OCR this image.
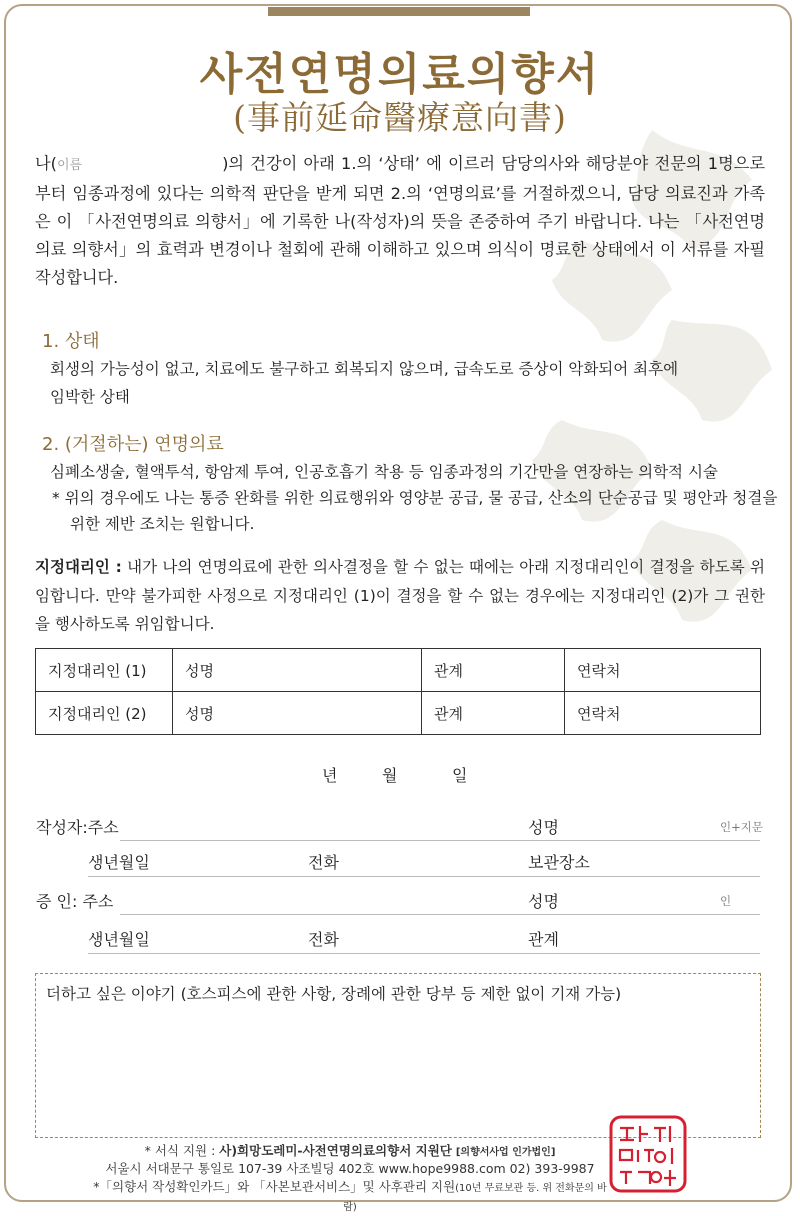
사전연명의료의향서
(事前延命醫療意向書)
나(이름	)의 건강이 아래 1.의 ‘상태’ 에 이르러 담당의사와 해당분야 전문의 1명으로부터 임종과정에 있다는 의학적 판단을 받게 되면 2.의 ‘연명의료’를 거절하겠으니, 담당 의료진과 가족은 이 「사전연명의료 의향서」에 기록한 나(작성자)의 뜻을 존중하여 주기 바랍니다. 나는 「사전연명의료 의향서」의 효력과 변경이나 철회에 관해 이해하고 있으며 의식이 명료한 상태에서 이 서류를 자필 작성합니다.
1. 상태
회생의 가능성이 없고, 치료에도 불구하고 회복되지 않으며, 급속도로 증상이 악화되어 최후에
임박한 상태
2. (거절하는) 연명의료
심폐소생술, 혈액투석, 항암제 투여, 인공호흡기 착용 등 임종과정의 기간만을 연장하는 의학적 시술
* 위의 경우에도 나는 통증 완화를 위한 의료행위와 영양분 공급, 물 공급, 산소의 단순공급 및 평안과 청결을 위한 제반 조치는 원합니다.
지정대리인 : 내가 나의 연명의료에 관한 의사결정을 할 수 없는 때에는 아래 지정대리인이 결정을 하도록 위임합니다. 만약 불가피한 사정으로 지정대리인 (1)이 결정을 할 수 없는 경우에는 지정대리인 (2)가 그 권한을 행사하도록 위임합니다.
지정대리인 (1)	성명	관계	연락처
지정대리인 (2)	성명	관계	연락처
년	월	일
작성자:주소	성명	인+지문
생년월일	전화	보관장소
증 인: 주소	성명	인
생년월일	전화	관계
더하고 싶은 이야기 (호스피스에 관한 사항, 장례에 관한 당부 등 제한 없이 기재 가능)
* 서식 지원 : 사)희망도레미-사전연명의료의향서 지원단 [의향서사업 인가법인]
서울시 서대문구 통일로 107-39 사조빌딩 402호 www.hope9988.com 02) 393-9987
*「의향서 작성확인카드」와 「사본보관서비스」및 사후관리 지원(10년 무료보관 등. 위 전화문의 바람)
